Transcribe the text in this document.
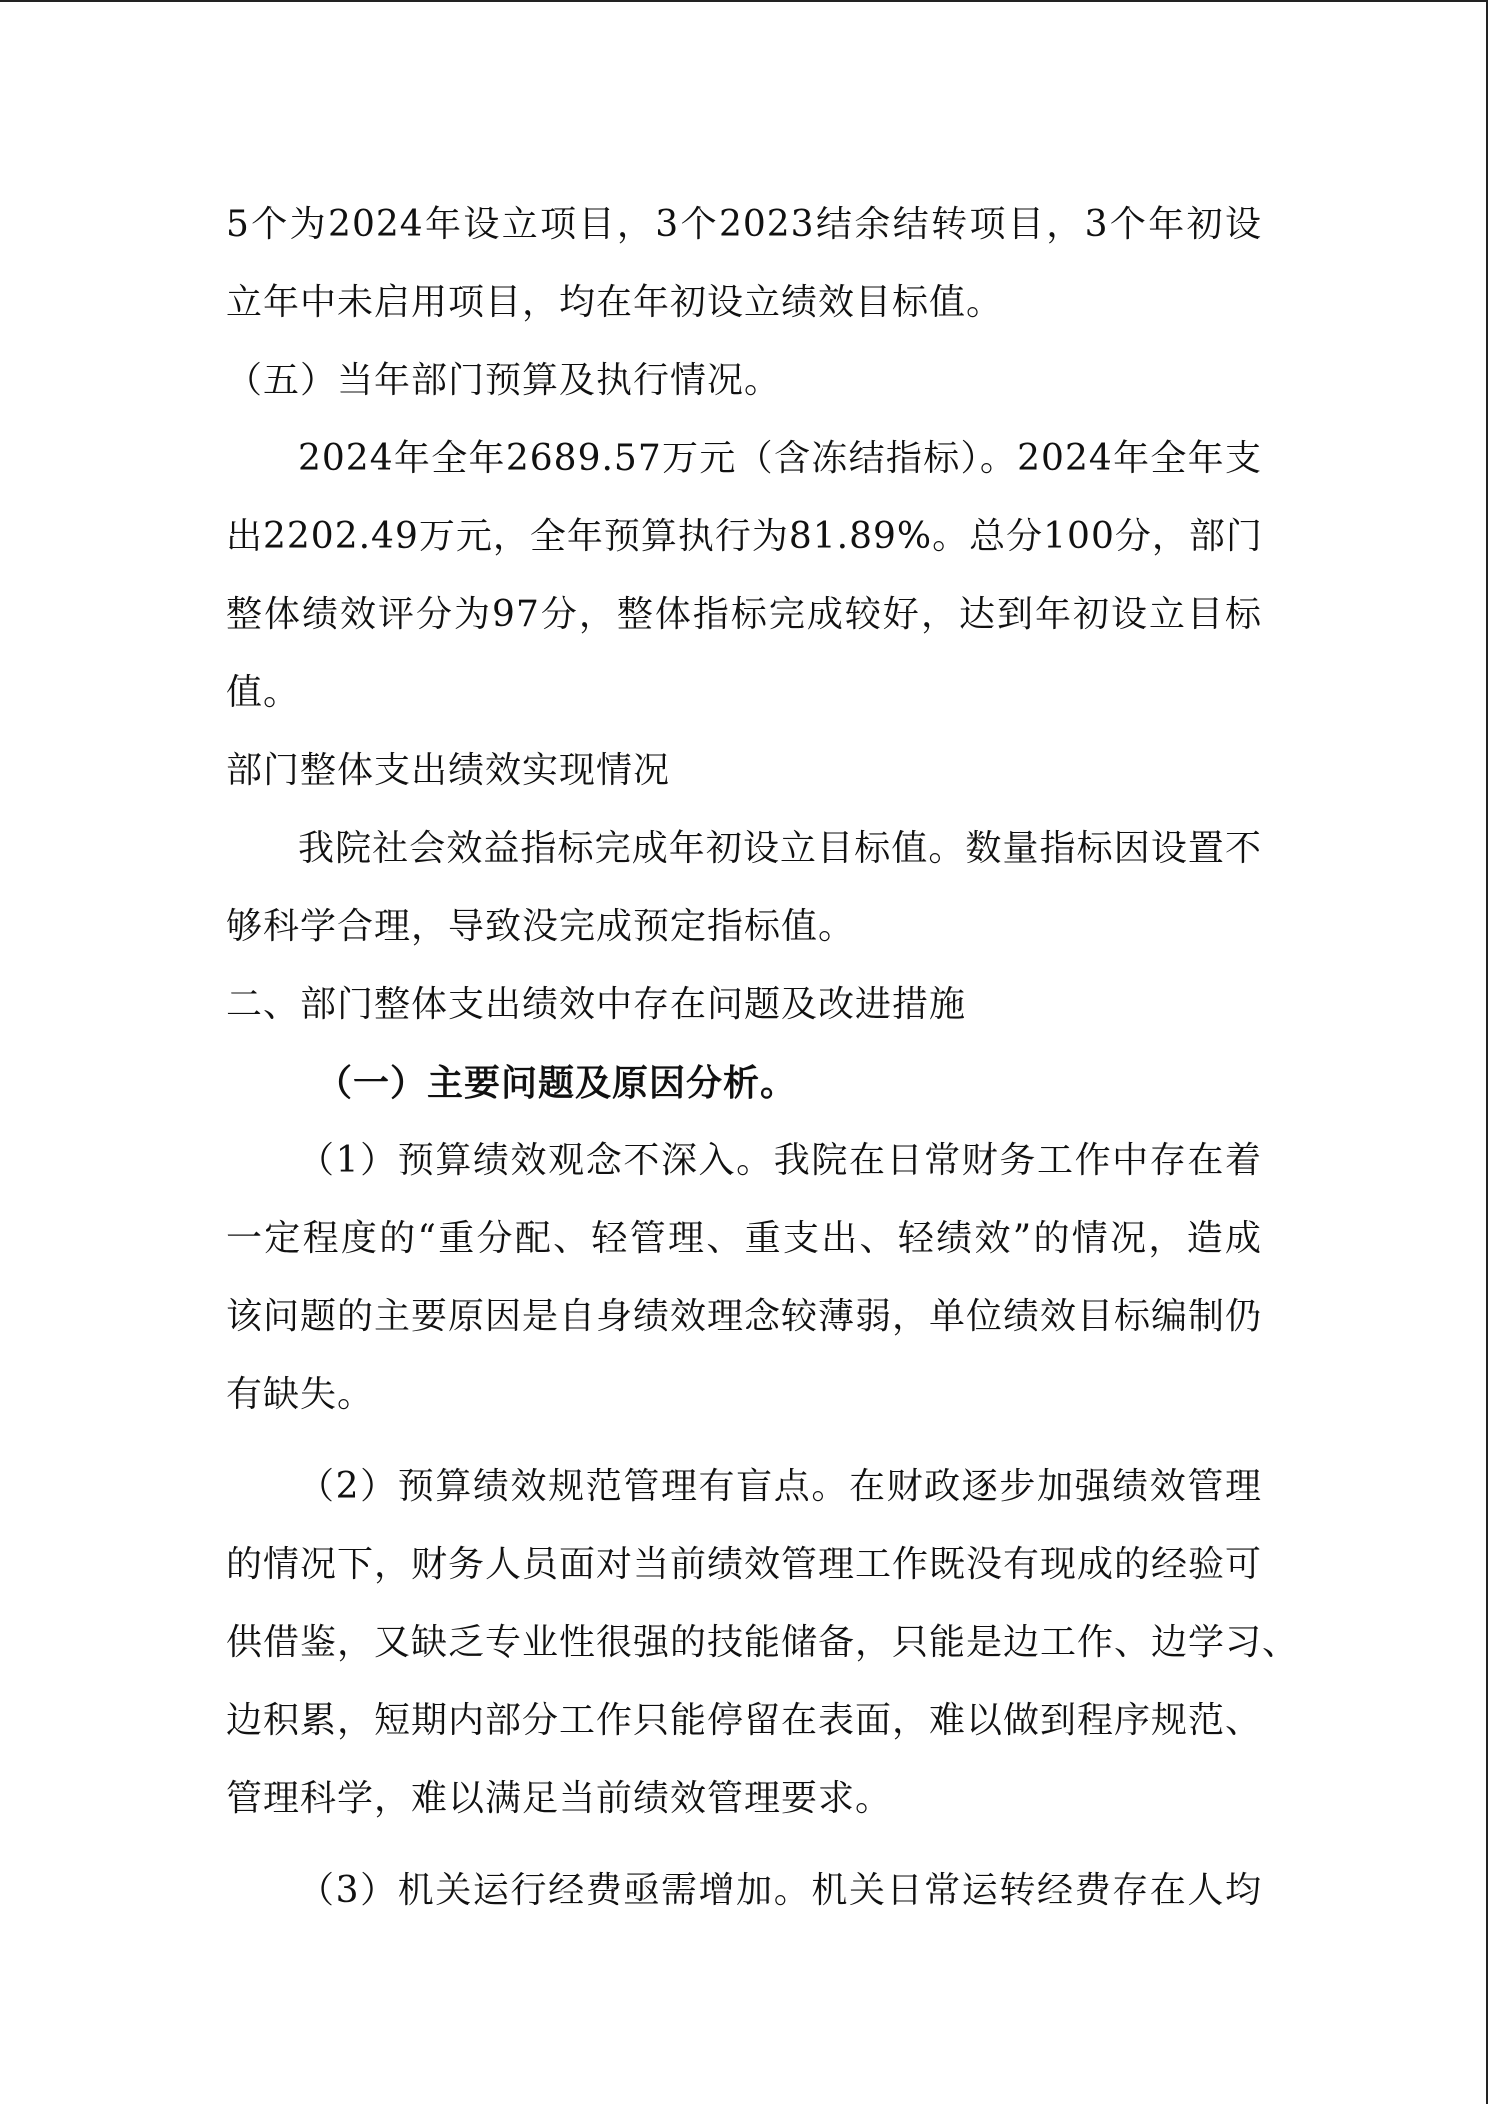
5个为2024年设立项目，3个2023结余结转项目，3个年初设
立年中未启用项目，均在年初设立绩效目标值。
（五）当年部门预算及执行情况。
2024年全年2689.57万元（含冻结指标）。2024年全年支
出2202.49万元，全年预算执行为81.89%。总分100分，部门
整体绩效评分为97分，整体指标完成较好，达到年初设立目标
值。
部门整体支出绩效实现情况
我院社会效益指标完成年初设立目标值。数量指标因设置不
够科学合理，导致没完成预定指标值。
二、部门整体支出绩效中存在问题及改进措施
（一）主要问题及原因分析。
（1）预算绩效观念不深入。我院在日常财务工作中存在着
一定程度的“重分配、轻管理、重支出、轻绩效”的情况，造成
该问题的主要原因是自身绩效理念较薄弱，单位绩效目标编制仍
有缺失。
（2）预算绩效规范管理有盲点。在财政逐步加强绩效管理
的情况下，财务人员面对当前绩效管理工作既没有现成的经验可
供借鉴，又缺乏专业性很强的技能储备，只能是边工作、边学习、
边积累，短期内部分工作只能停留在表面，难以做到程序规范、
管理科学，难以满足当前绩效管理要求。
（3）机关运行经费亟需增加。机关日常运转经费存在人均
